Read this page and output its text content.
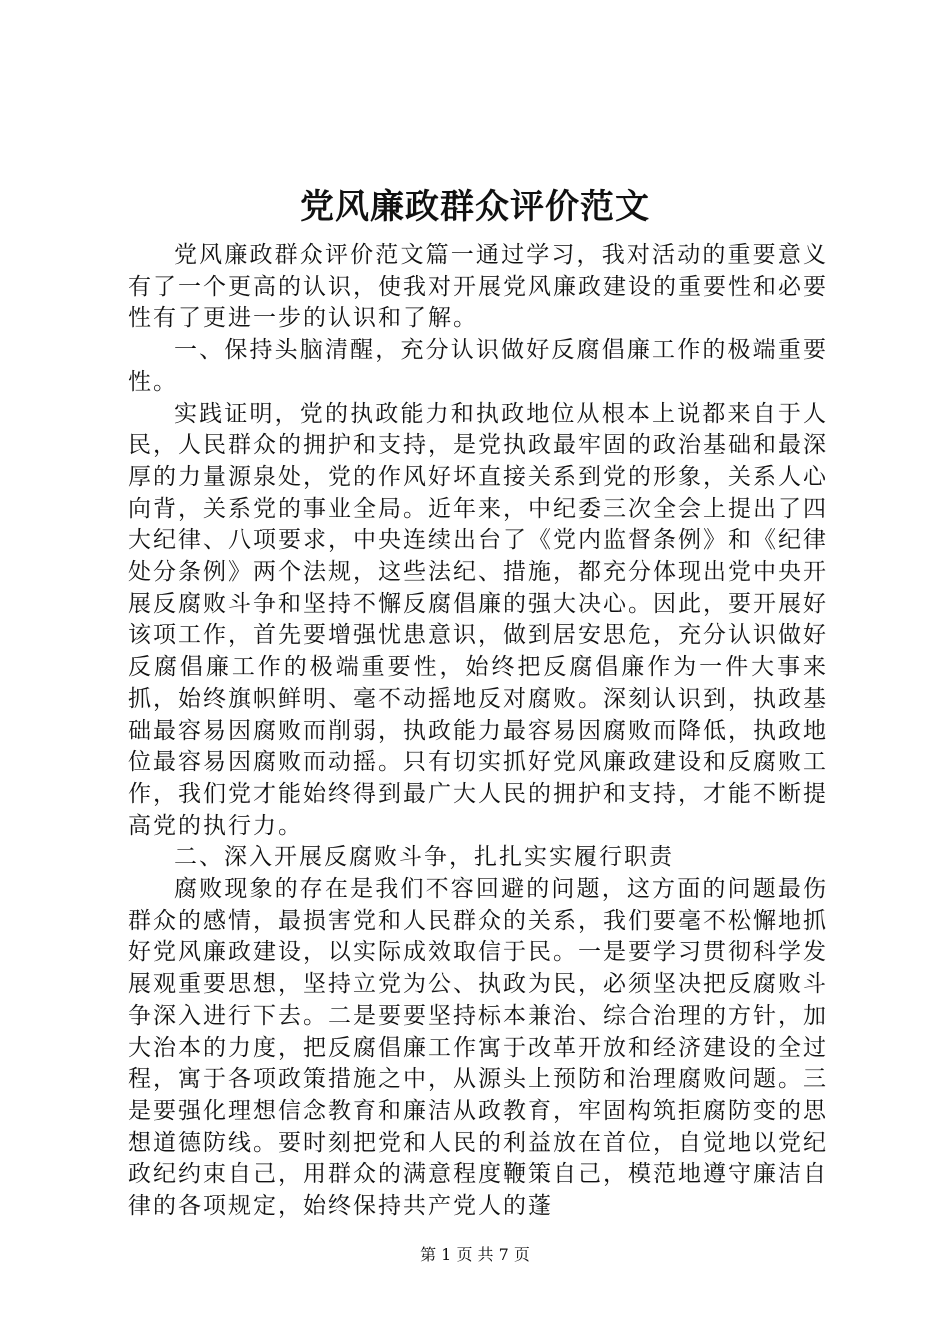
党风廉政群众评价范文

党风廉政群众评价范文篇一通过学习，我对活动的重要意义有了一个更高的认识，使我对开展党风廉政建设的重要性和必要性有了更进一步的认识和了解。

一、保持头脑清醒，充分认识做好反腐倡廉工作的极端重要性。

实践证明，党的执政能力和执政地位从根本上说都来自于人民，人民群众的拥护和支持，是党执政最牢固的政治基础和最深厚的力量源泉处，党的作风好坏直接关系到党的形象，关系人心向背，关系党的事业全局。近年来，中纪委三次全会上提出了四大纪律、八项要求，中央连续出台了《党内监督条例》和《纪律处分条例》两个法规，这些法纪、措施，都充分体现出党中央开展反腐败斗争和坚持不懈反腐倡廉的强大决心。因此，要开展好该项工作，首先要增强忧患意识，做到居安思危，充分认识做好反腐倡廉工作的极端重要性，始终把反腐倡廉作为一件大事来抓，始终旗帜鲜明、毫不动摇地反对腐败。深刻认识到，执政基础最容易因腐败而削弱，执政能力最容易因腐败而降低，执政地位最容易因腐败而动摇。只有切实抓好党风廉政建设和反腐败工作，我们党才能始终得到最广大人民的拥护和支持，才能不断提高党的执行力。

二、深入开展反腐败斗争，扎扎实实履行职责

腐败现象的存在是我们不容回避的问题，这方面的问题最伤群众的感情，最损害党和人民群众的关系，我们要毫不松懈地抓好党风廉政建设，以实际成效取信于民。一是要学习贯彻科学发展观重要思想，坚持立党为公、执政为民，必须坚决把反腐败斗争深入进行下去。二是要要坚持标本兼治、综合治理的方针，加大治本的力度，把反腐倡廉工作寓于改革开放和经济建设的全过程，寓于各项政策措施之中，从源头上预防和治理腐败问题。三是要强化理想信念教育和廉洁从政教育，牢固构筑拒腐防变的思想道德防线。要时刻把党和人民的利益放在首位，自觉地以党纪政纪约束自己，用群众的满意程度鞭策自己，模范地遵守廉洁自律的各项规定，始终保持共产党人的蓬

第 1 页 共 7 页
